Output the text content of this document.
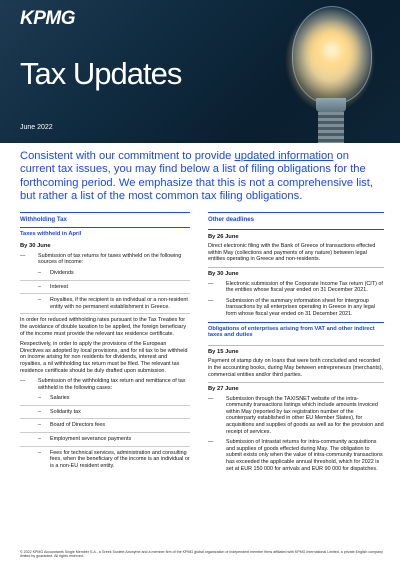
KPMG
Tax Updates
June 2022
Consistent with our commitment to provide updated information on current tax issues, you may find below a list of filing obligations for the forthcoming period. We emphasize that this is not a comprehensive list, but rather a list of the most common tax filing obligations.
Withholding Tax
Taxes withheld in April
By 30 June
— Submission of tax returns for taxes withheld on the following sources of income:
– Dividends
– Interest
– Royalties, if the recipient is an individual or a non-resident entity with no permanent establishment in Greece.

In order for reduced withholding rates pursuant to the Tax Treaties for the avoidance of double taxation to be applied, the foreign beneficiary of the income must provide the relevant tax residence certificate.

Respectively, in order to apply the provisions of the European Directives as adopted by local provisions, and for nil tax to be withheld on income arising for non residents for dividends, interest and royalties, a nil withholding tax return must be filed. The relevant tax residence certificate should be duly drafted upon submission.

— Submission of the withholding tax return and remittance of tax withheld in the following cases:
– Salaries
– Solidarity tax
– Board of Directors fees
– Employment severance payments
– Fees for technical services, administration and consulting fees, when the beneficiary of the income is an individual or is a non-EU resident entity.
Other deadlines
By 26 June

Direct electronic filing with the Bank of Greece of transactions effected within May (collections and payments of any nature) between legal entities operating in Greece and non-residents.

By 30 June
— Electronic submission of the Corporate Income Tax return (CIT) of the entities whose fiscal year ended on 31 December 2021.
— Submission of the summary information sheet for intergroup transactions by all enterprises operating in Greece in any legal form whose fiscal year ended on 31 December 2021.
Obligations of enterprises arising from VAT and other indirect taxes and duties
By 15 June

Payment of stamp duty on loans that were both concluded and recorded in the accounting books, during May between entrepreneurs (merchants), commercial entities and/or third parties.

By 27 June
— Submission through the TAXISNET website of the intra-community transactions listings which include amounts invoiced within May (reported by tax registration number of the counterparty established in other EU Member States), for acquisitions and supplies of goods as well as for the provision and receipt of services.
— Submission of Intrastat returns for intra-community acquisitions and supplies of goods effected during May. The obligation to submit exists only when the value of intra-community transactions has exceeded the applicable annual threshold, which for 2022 is set at EUR 150 000 for arrivals and EUR 90 000 for dispatches.
© 2022 KPMG Accountants Single Member S.A., a Greek Societe Anonyme and a member firm of the KPMG global organization of independent member firms affiliated with KPMG International Limited, a private English company limited by guarantee. All rights reserved.
